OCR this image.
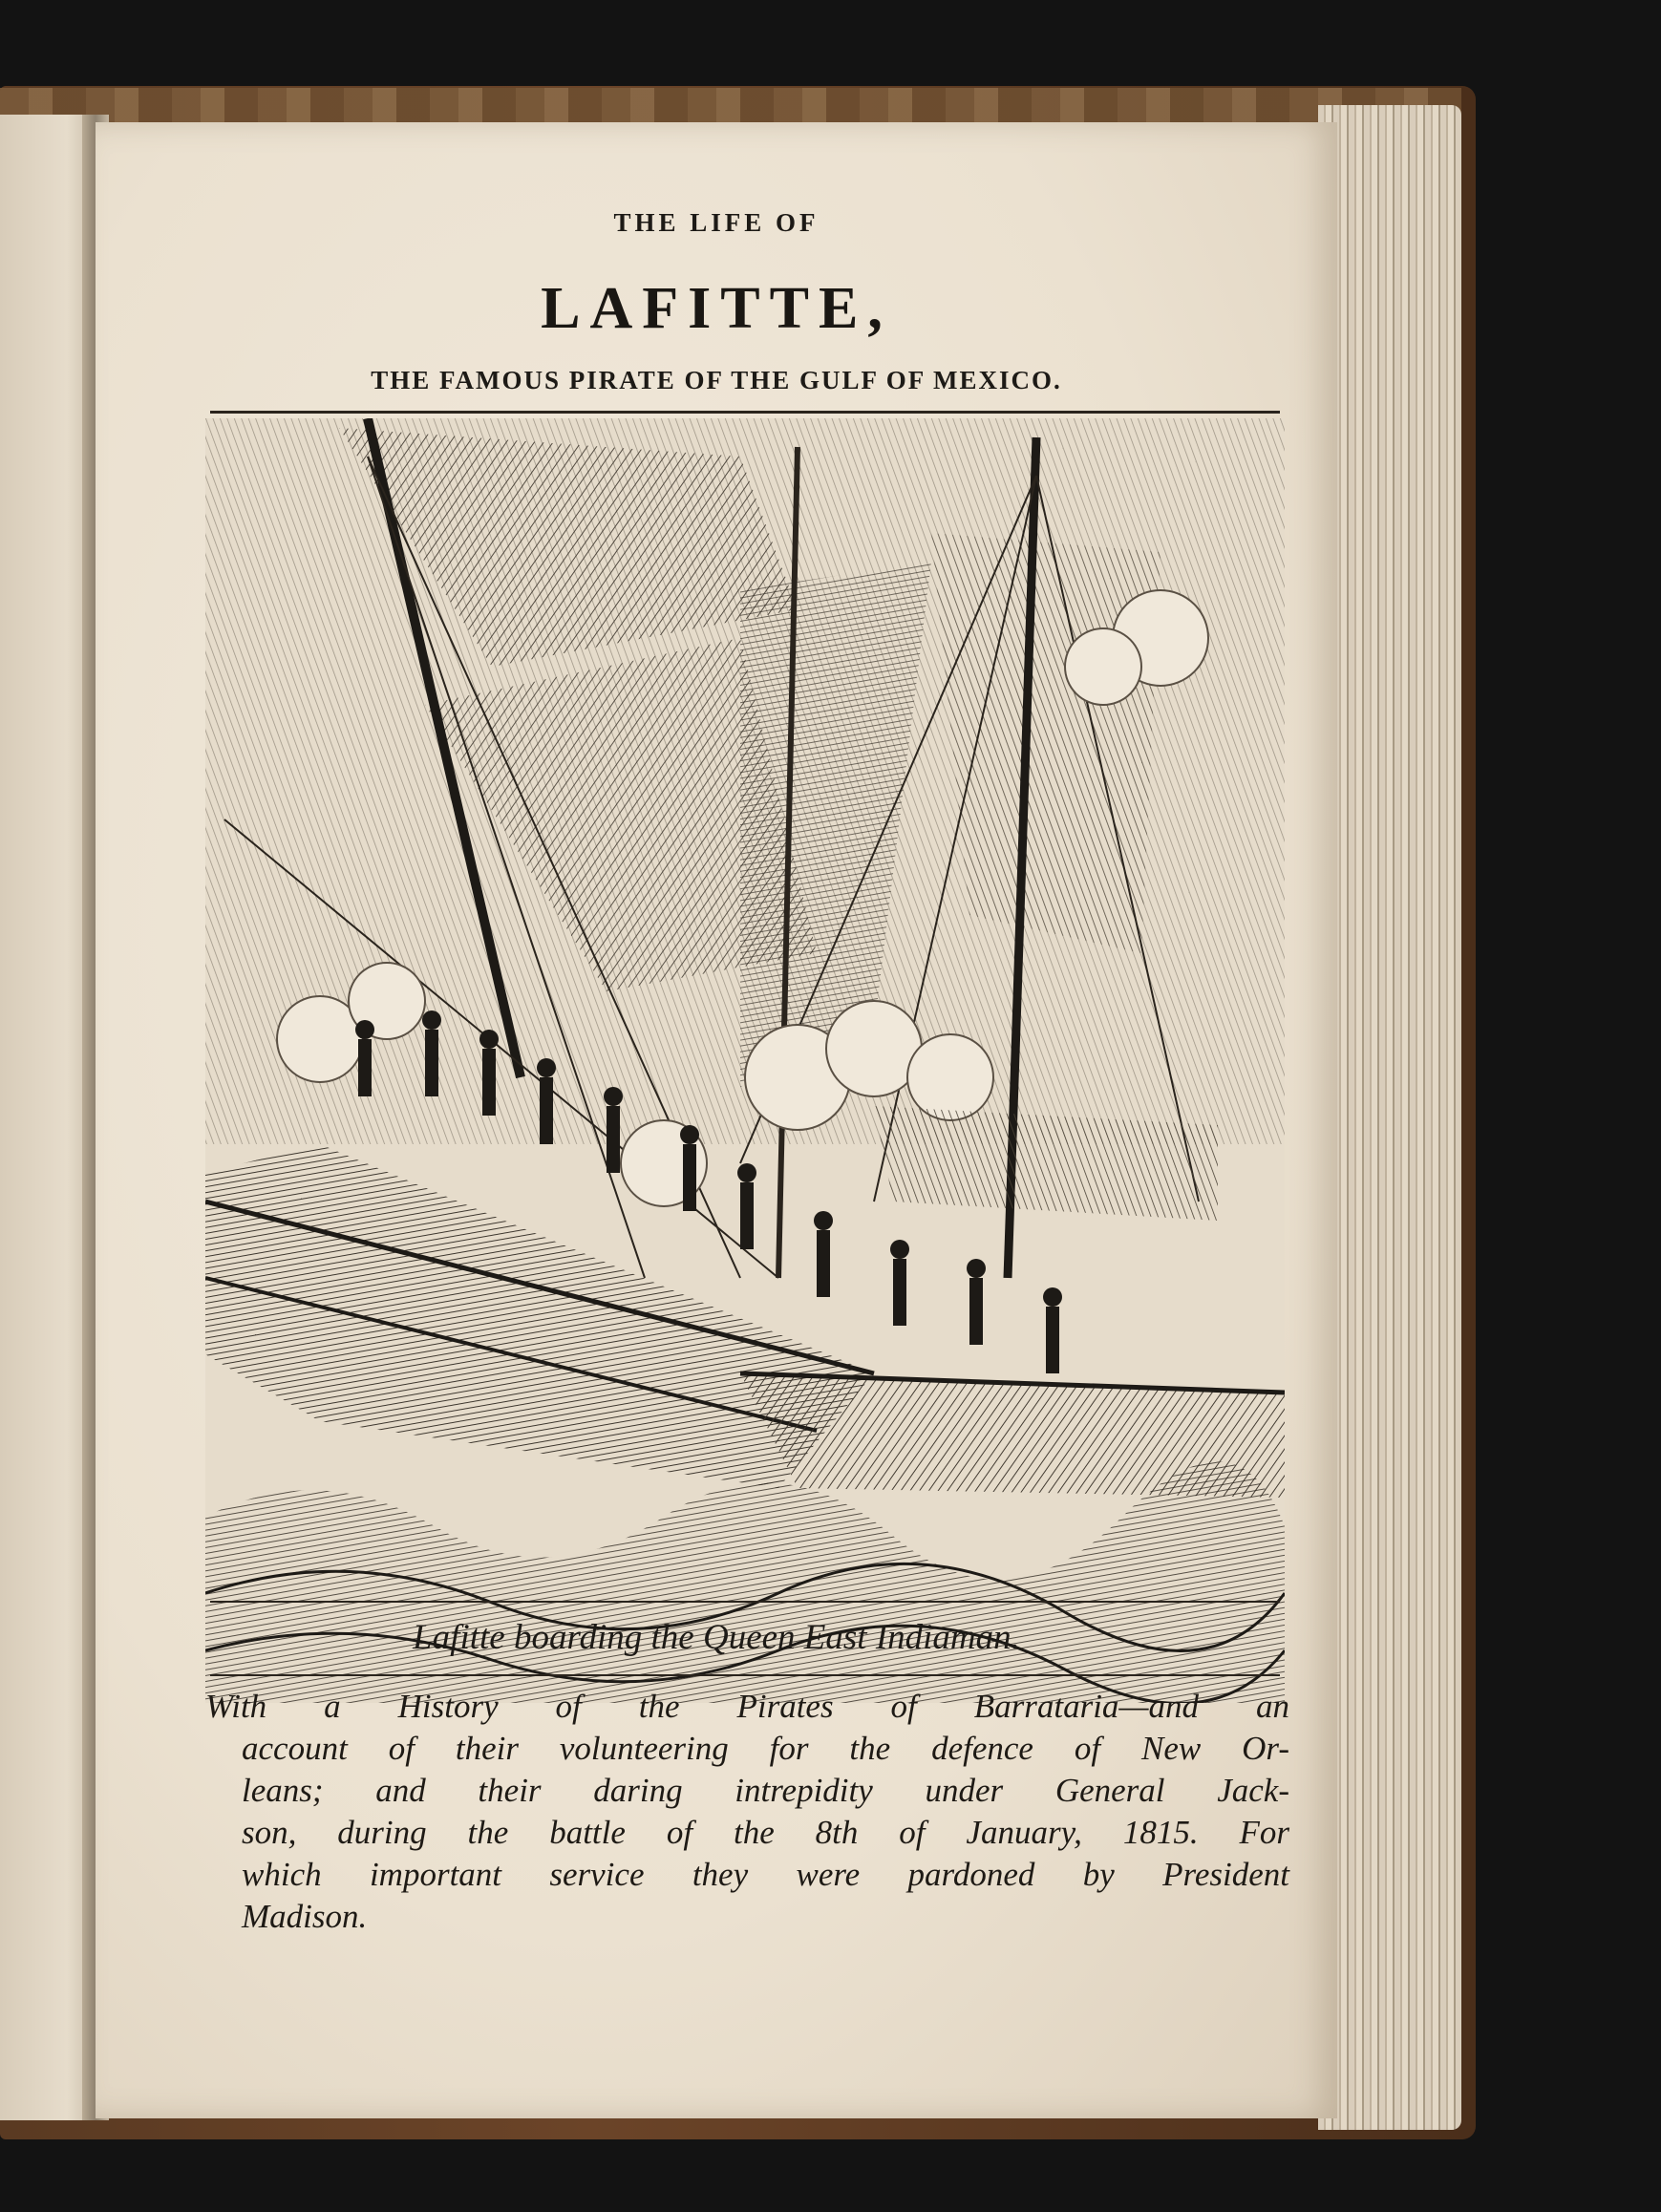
THE LIFE OF
LAFITTE,
THE FAMOUS PIRATE OF THE GULF OF MEXICO.
Lafitte boarding the Queen East Indiaman.
With a History of the Pirates of Barrataria—and an
account of their volunteering for the defence of New Or-
leans; and their daring intrepidity under General Jack-
son, during the battle of the 8th of January, 1815. For
which important service they were pardoned by President
Madison.
